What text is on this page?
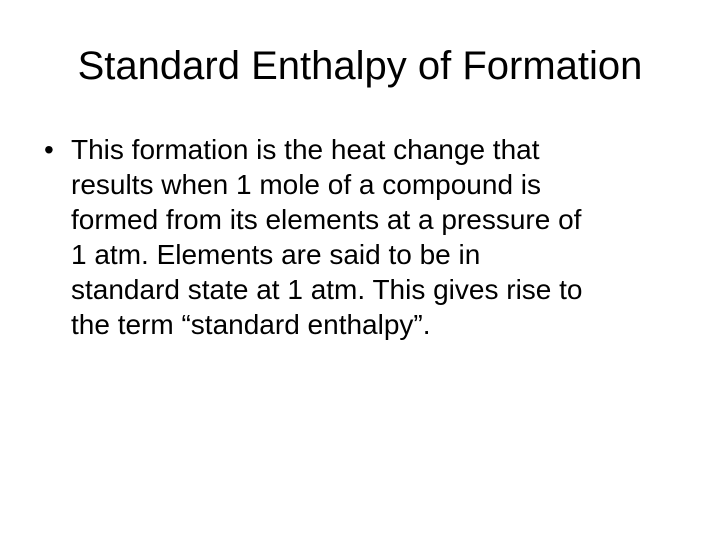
Standard Enthalpy of Formation
• This formation is the heat change that
results when 1 mole of a compound is
formed from its elements at a pressure of
1 atm. Elements are said to be in
standard state at 1 atm. This gives rise to
the term “standard enthalpy”.
